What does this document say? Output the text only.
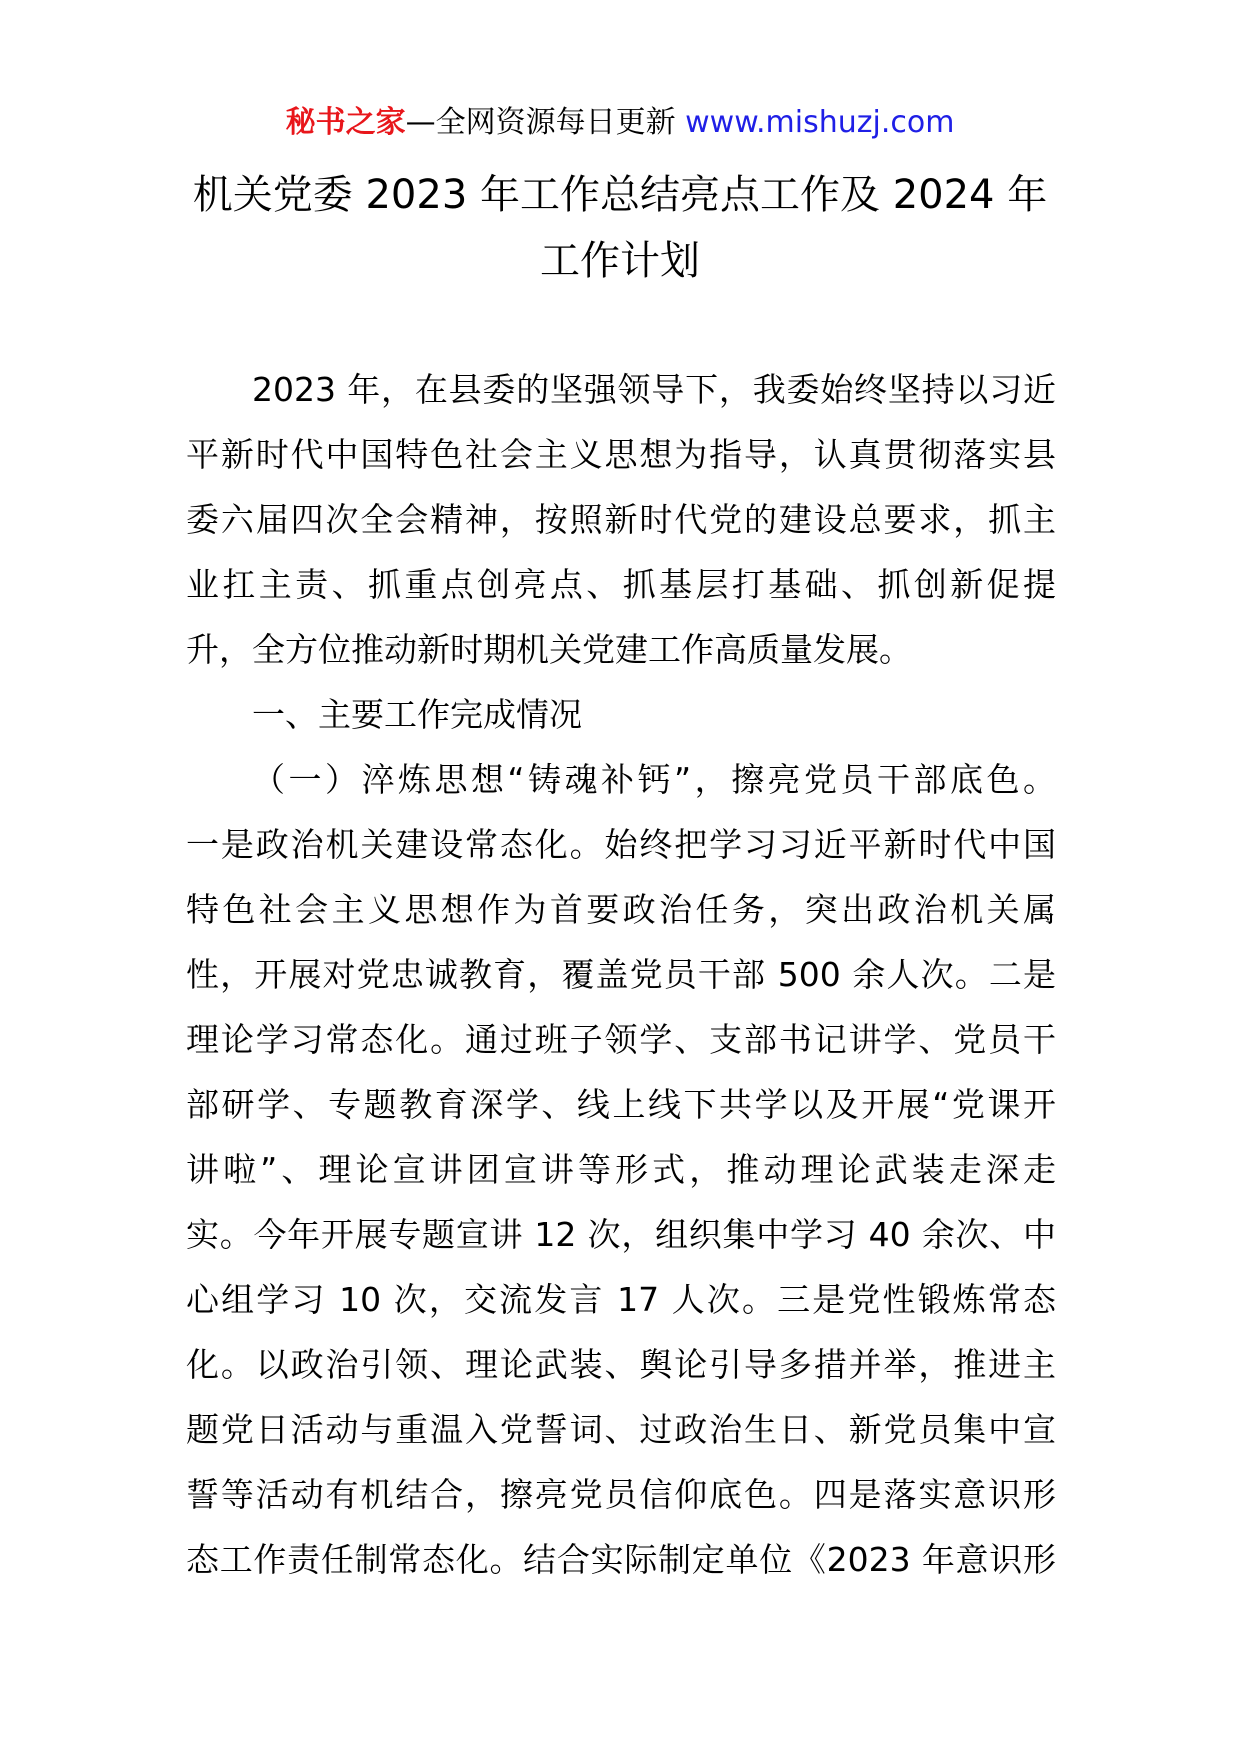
秘书之家—全网资源每日更新 www.mishuzj.com
机关党委 2023 年工作总结亮点工作及 2024 年
工作计划
2023 年，在县委的坚强领导下，我委始终坚持以习近
平新时代中国特色社会主义思想为指导，认真贯彻落实县
委六届四次全会精神，按照新时代党的建设总要求，抓主
业扛主责、抓重点创亮点、抓基层打基础、抓创新促提
升，全方位推动新时期机关党建工作高质量发展。
一、主要工作完成情况
（一）淬炼思想“铸魂补钙”，擦亮党员干部底色。
一是政治机关建设常态化。始终把学习习近平新时代中国
特色社会主义思想作为首要政治任务，突出政治机关属
性，开展对党忠诚教育，覆盖党员干部 500 余人次。二是
理论学习常态化。通过班子领学、支部书记讲学、党员干
部研学、专题教育深学、线上线下共学以及开展“党课开
讲啦”、理论宣讲团宣讲等形式，推动理论武装走深走
实。今年开展专题宣讲 12 次，组织集中学习 40 余次、中
心组学习 10 次，交流发言 17 人次。三是党性锻炼常态
化。以政治引领、理论武装、舆论引导多措并举，推进主
题党日活动与重温入党誓词、过政治生日、新党员集中宣
誓等活动有机结合，擦亮党员信仰底色。四是落实意识形
态工作责任制常态化。结合实际制定单位《2023 年意识形
